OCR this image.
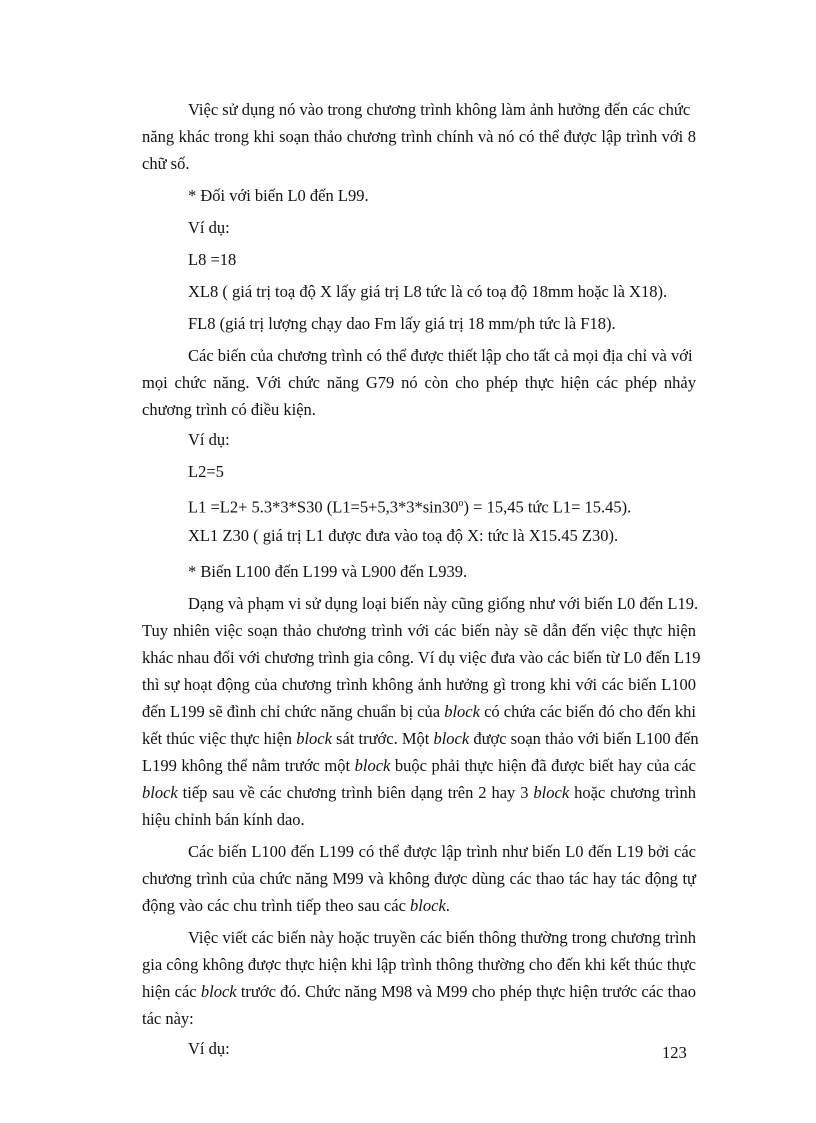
Việc sử dụng nó vào trong chương trình không làm ảnh hưởng đến các chức
năng khác trong khi soạn thảo chương trình chính và nó có thể được lập trình với 8
chữ số.
* Đối với biến L0 đến L99.
Ví dụ:
L8 =18
XL8 ( giá trị toạ độ X lấy giá trị L8 tức là có toạ độ 18mm hoặc là X18).
FL8 (giá trị lượng chạy dao Fm lấy giá trị 18 mm/ph tức là F18).
Các biến của chương trình có thể được thiết lập cho tất cả mọi địa chỉ và với
mọi chức năng. Với chức năng G79 nó còn cho phép thực hiện các phép nhảy
chương trình có điều kiện.
Ví dụ:
L2=5
L1 =L2+ 5.3*3*S30 $(L1=5+5,3*3*\sin 30^o) = 15,45$ tức L1= 15.45).
XL1 Z30 ( giá trị L1 được đưa vào toạ độ X: tức là X15.45 Z30).
* Biến L100 đến L199 và L900 đến L939.
Dạng và phạm vi sử dụng loại biến này cũng giống như với biến L0 đến L19.
Tuy nhiên việc soạn thảo chương trình với các biến này sẽ dẫn đến việc thực hiện
khác nhau đối với chương trình gia công. Ví dụ việc đưa vào các biến từ L0 đến L19
thì sự hoạt động của chương trình không ảnh hưởng gì trong khi với các biến L100
đến L199 sẽ đình chỉ chức năng chuẩn bị của block có chứa các biến đó cho đến khi
kết thúc việc thực hiện block sát trước. Một block được soạn thảo với biến L100 đến
L199 không thể nằm trước một block buộc phải thực hiện đã được biết hay của các
block tiếp sau về các chương trình biên dạng trên 2 hay 3 block hoặc chương trình
hiệu chỉnh bán kính dao.
Các biến L100 đến L199 có thể được lập trình như biến L0 đến L19 bởi các
chương trình của chức năng M99 và không được dùng các thao tác hay tác động tự
động vào các chu trình tiếp theo sau các block.
Việc viết các biến này hoặc truyền các biến thông thường trong chương trình
gia công không được thực hiện khi lập trình thông thường cho đến khi kết thúc thực
hiện các block trước đó. Chức năng M98 và M99 cho phép thực hiện trước các thao
tác này:
Ví dụ:	123
